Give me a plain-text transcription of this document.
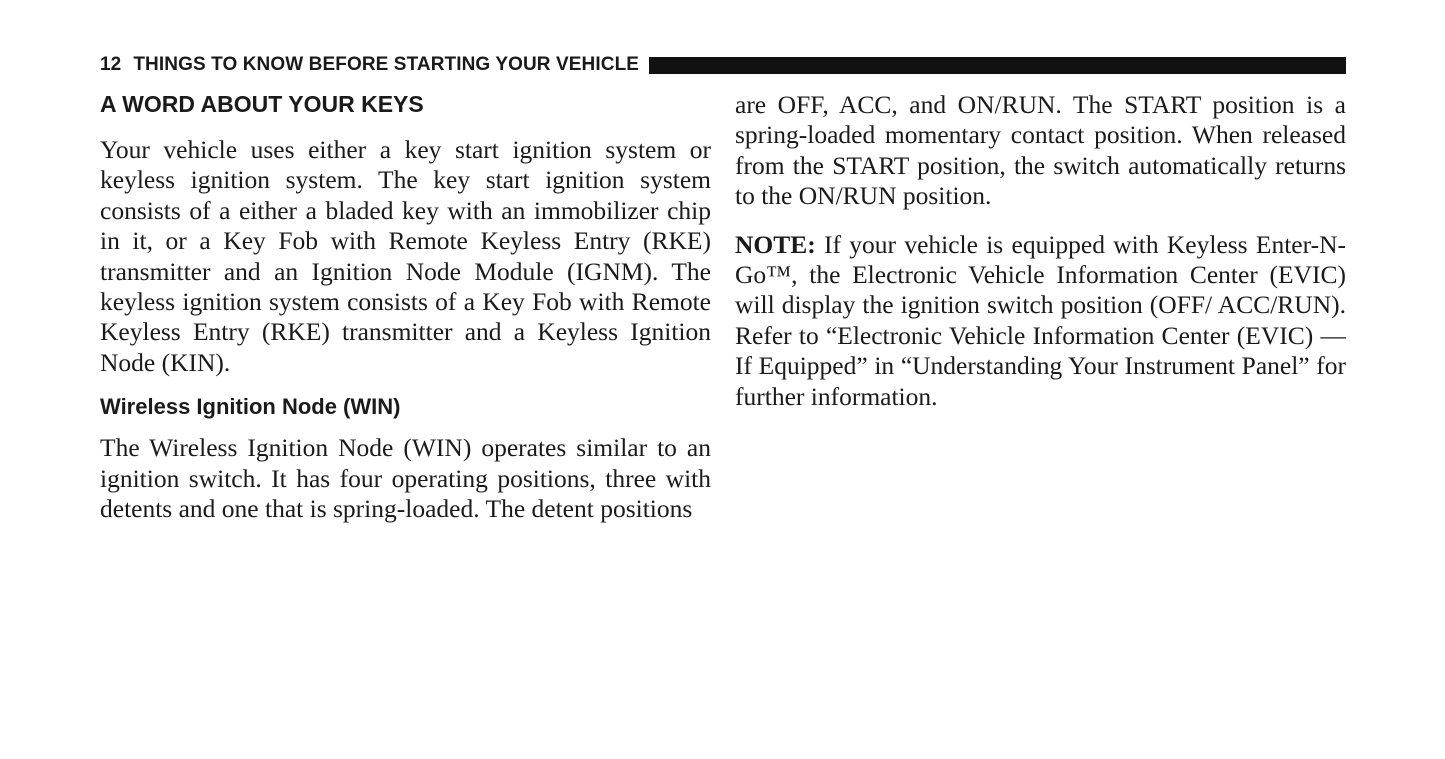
12 THINGS TO KNOW BEFORE STARTING YOUR VEHICLE
A WORD ABOUT YOUR KEYS

Your vehicle uses either a key start ignition system or keyless ignition system. The key start ignition system consists of a either a bladed key with an immobilizer chip in it, or a Key Fob with Remote Keyless Entry (RKE) transmitter and an Ignition Node Module (IGNM). The keyless ignition system consists of a Key Fob with Remote Keyless Entry (RKE) transmitter and a Keyless Ignition Node (KIN).

Wireless Ignition Node (WIN)

The Wireless Ignition Node (WIN) operates similar to an ignition switch. It has four operating positions, three with detents and one that is spring-loaded. The detent positions

are OFF, ACC, and ON/RUN. The START position is a spring-loaded momentary contact position. When released from the START position, the switch automatically returns to the ON/RUN position.

NOTE: If your vehicle is equipped with Keyless Enter-N-Go™, the Electronic Vehicle Information Center (EVIC) will display the ignition switch position (OFF/ ACC/RUN). Refer to “Electronic Vehicle Information Center (EVIC) — If Equipped” in “Understanding Your Instrument Panel” for further information.
